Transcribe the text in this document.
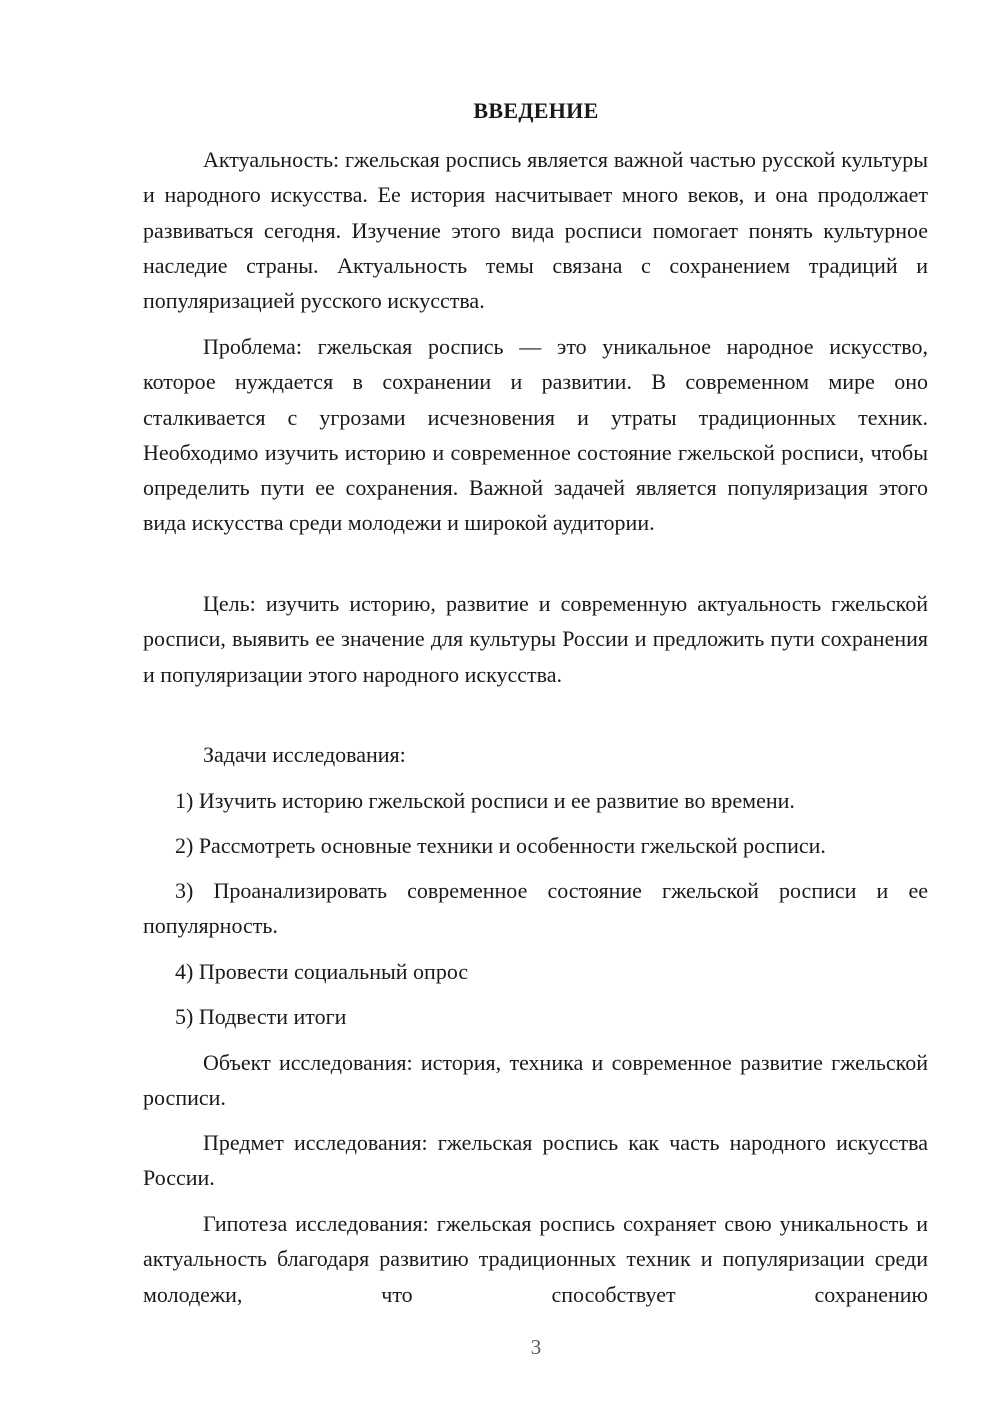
ВВЕДЕНИЕ

Актуальность: гжельская роспись является важной частью русской культуры и народного искусства. Ее история насчитывает много веков, и она продолжает развиваться сегодня. Изучение этого вида росписи помогает понять культурное наследие страны. Актуальность темы связана с сохранением традиций и популяризацией русского искусства.

Проблема: гжельская роспись — это уникальное народное искусство, которое нуждается в сохранении и развитии. В современном мире оно сталкивается с угрозами исчезновения и утраты традиционных техник. Необходимо изучить историю и современное состояние гжельской росписи, чтобы определить пути ее сохранения. Важной задачей является популяризация этого вида искусства среди молодежи и широкой аудитории.

Цель: изучить историю, развитие и современную актуальность гжельской росписи, выявить ее значение для культуры России и предложить пути сохранения и популяризации этого народного искусства.

Задачи исследования:
1) Изучить историю гжельской росписи и ее развитие во времени.
2) Рассмотреть основные техники и особенности гжельской росписи.
3) Проанализировать современное состояние гжельской росписи и ее популярность.
4) Провести социальный опрос
5) Подвести итоги

Объект исследования: история, техника и современное развитие гжельской росписи.

Предмет исследования: гжельская роспись как часть народного искусства России.

Гипотеза исследования: гжельская роспись сохраняет свою уникальность и актуальность благодаря развитию традиционных техник и популяризации среди молодежи, что способствует сохранению

3
